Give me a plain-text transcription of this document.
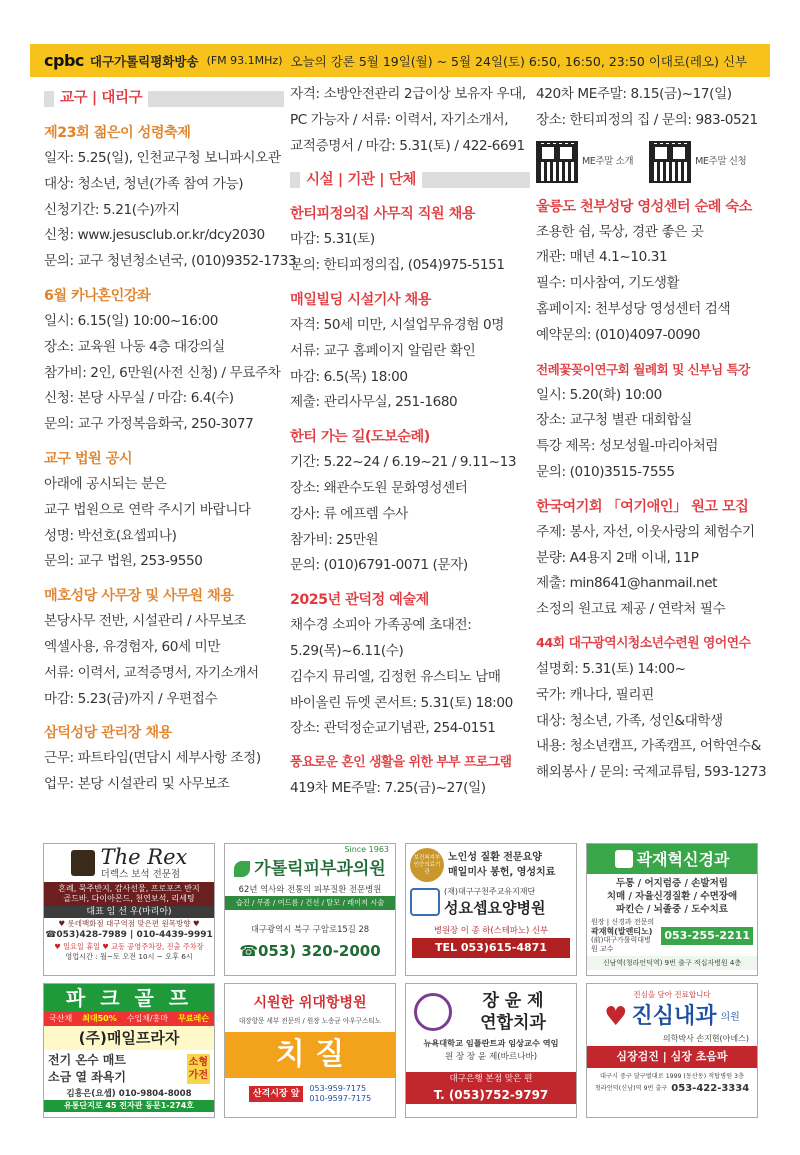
cpbc 대구가톨릭평화방송 (FM 93.1MHz) 오늘의 강론 5월 19일(월) ~ 5월 24일(토) 6:50, 16:50, 23:50 이대로(레오) 신부
교구 | 대리구
제23회 젊은이 성령축제

일자: 5.25(일), 인천교구청 보니파시오관

대상: 청소년, 청년(가족 참여 가능)

신청기간: 5.21(수)까지

신청: www.jesusclub.or.kr/dcy2030

문의: 교구 청년청소년국, (010)9352-1733

6월 카나혼인강좌

일시: 6.15(일) 10:00~16:00

장소: 교육원 나동 4층 대강의실

참가비: 2인, 6만원(사전 신청) / 무료주차

신청: 본당 사무실 / 마감: 6.4(수)

문의: 교구 가정복음화국, 250-3077

교구 법원 공시

아래에 공시되는 분은

교구 법원으로 연락 주시기 바랍니다

성명: 박선호(요셉피나)

문의: 교구 법원, 253-9550

매호성당 사무장 및 사무원 채용

본당사무 전반, 시설관리 / 사무보조

엑셀사용, 유경험자, 60세 미만

서류: 이력서, 교적증명서, 자기소개서

마감: 5.23(금)까지 / 우편접수

삼덕성당 관리장 채용

근무: 파트타임(면담시 세부사항 조정)

업무: 본당 시설관리 및 사무보조

자격: 소방안전관리 2급이상 보유자 우대,

PC 가능자 / 서류: 이력서, 자기소개서,

교적증명서 / 마감: 5.31(토) / 422-6691

시설 | 기관 | 단체
한티피정의집 사무직 직원 채용

마감: 5.31(토)

문의: 한티피정의집, (054)975-5151

매일빌딩 시설기사 채용

자격: 50세 미만, 시설업무유경험 0명

서류: 교구 홈페이지 알림란 확인

마감: 6.5(목) 18:00

제출: 관리사무실, 251-1680

한티 가는 길(도보순례)

기간: 5.22~24 / 6.19~21 / 9.11~13

장소: 왜관수도원 문화영성센터

강사: 류 에프렘 수사

참가비: 25만원

문의: (010)6791-0071 (문자)

2025년 관덕정 예술제

채수경 소피아 가족공예 초대전:

5.29(목)~6.11(수)

김수지 뮤리엘, 김정헌 유스티노 남매

바이올린 듀엣 콘서트: 5.31(토) 18:00

장소: 관덕정순교기념관, 254-0151

풍요로운 혼인 생활을 위한 부부 프로그램

419차 ME주말: 7.25(금)~27(일)

420차 ME주말: 8.15(금)~17(일)

장소: 한티피정의 집 / 문의: 983-0521

ME주말 소개	ME주말 신청
울릉도 천부성당 영성센터 순례 숙소

조용한 쉼, 묵상, 경관 좋은 곳

개관: 매년 4.1~10.31

필수: 미사참여, 기도생활

홈페이지: 천부성당 영성센터 검색

예약문의: (010)4097-0090

전례꽃꽂이연구회 월례회 및 신부님 특강

일시: 5.20(화) 10:00

장소: 교구청 별관 대회합실

특강 제목: 성모성월-마리아처럼

문의: (010)3515-7555

한국여기회 「여기애인」 원고 모집

주제: 봉사, 자선, 이웃사랑의 체험수기

분량: A4용지 2매 이내, 11P

제출: min8641@hanmail.net

소정의 원고료 제공 / 연락처 필수

44회 대구광역시청소년수련원 영어연수

설명회: 5.31(토) 14:00~

국가: 캐나다, 필리핀

대상: 청소년, 가족, 성인&대학생

내용: 청소년캠프, 가족캠프, 어학연수&

해외봉사 / 문의: 국제교류팀, 593-1273

The Rex
더렉스 보석 전문점
혼례, 묵주반지, 감사선물, 프로포즈 반지
골드바, 다이아몬드, 천연보석, 리세팅
대표 임 선 우(마리아)
♥ 롯데백화점 대구역점 맞은편 원목방향 ♥
☎053)428-7989 | 010-4439-9991
♥ 일요일 휴일 ♥ 교동 공영주차장, 진출 주차장
영업시간 : 월~토 오전 10시 ~ 오후 6시
Since 1963
가톨릭피부과의원
62년 역사와 전통의 피부질환 전문병원
습진 / 무좀 / 여드름 / 건선 / 탈모 / 레이저 시술
대구광역시 북구 구암로15길 28
☎053) 320-2000
보건복지부 인증의료기관
노인성 질환 전문요양
매일미사 봉헌, 영성치료
(재)대구구천주교유지재단
성요셉요양병원
병원장 이 종 하(스테파노) 신부
TEL 053)615-4871
곽재혁신경과
두통 / 어지럼증 / 손발저림
치매 / 자율신경질환 / 수면장애
파킨슨 / 뇌졸중 / 도수치료
원장 | 신경과 전문의
곽재혁(발렌티노)
(前)대구가톨릭대병원 교수
053-255-2211
신남역(청라언덕역) 9번 출구 적십자병원 4층
파 크 골 프
국산채 최대50% 수입채/홍마 무료레슨
(주)매일프라자
전기 온수 매트
소금 열 좌욕기
소형
가전
김흥은(요셉) 010-9804-8008
유통단지로 45 전자관 동문1-274호
시원한 위대항병원
대장항문 세부 전문의 / 원장 노송균 아우구스티노
치 질
산격시장 앞
053-959-7175
010-9597-7175
장 윤 제
연합치과
뉴욕대학교 임플란트과 임상교수 역임
원 장 장 윤 제(바르나바)
대구은행 본점 맞은 편
T. (053)752-9797
진심을 담아 진료합니다
♥ 진심내과 의원
의학박사 손지현(아녜스)
심장검진 | 심장 초음파
대구시 중구 달구벌대로 1999 (동산동) 적탑병원 3층
청라언덕(신남)역 9번 출구 053-422-3334
